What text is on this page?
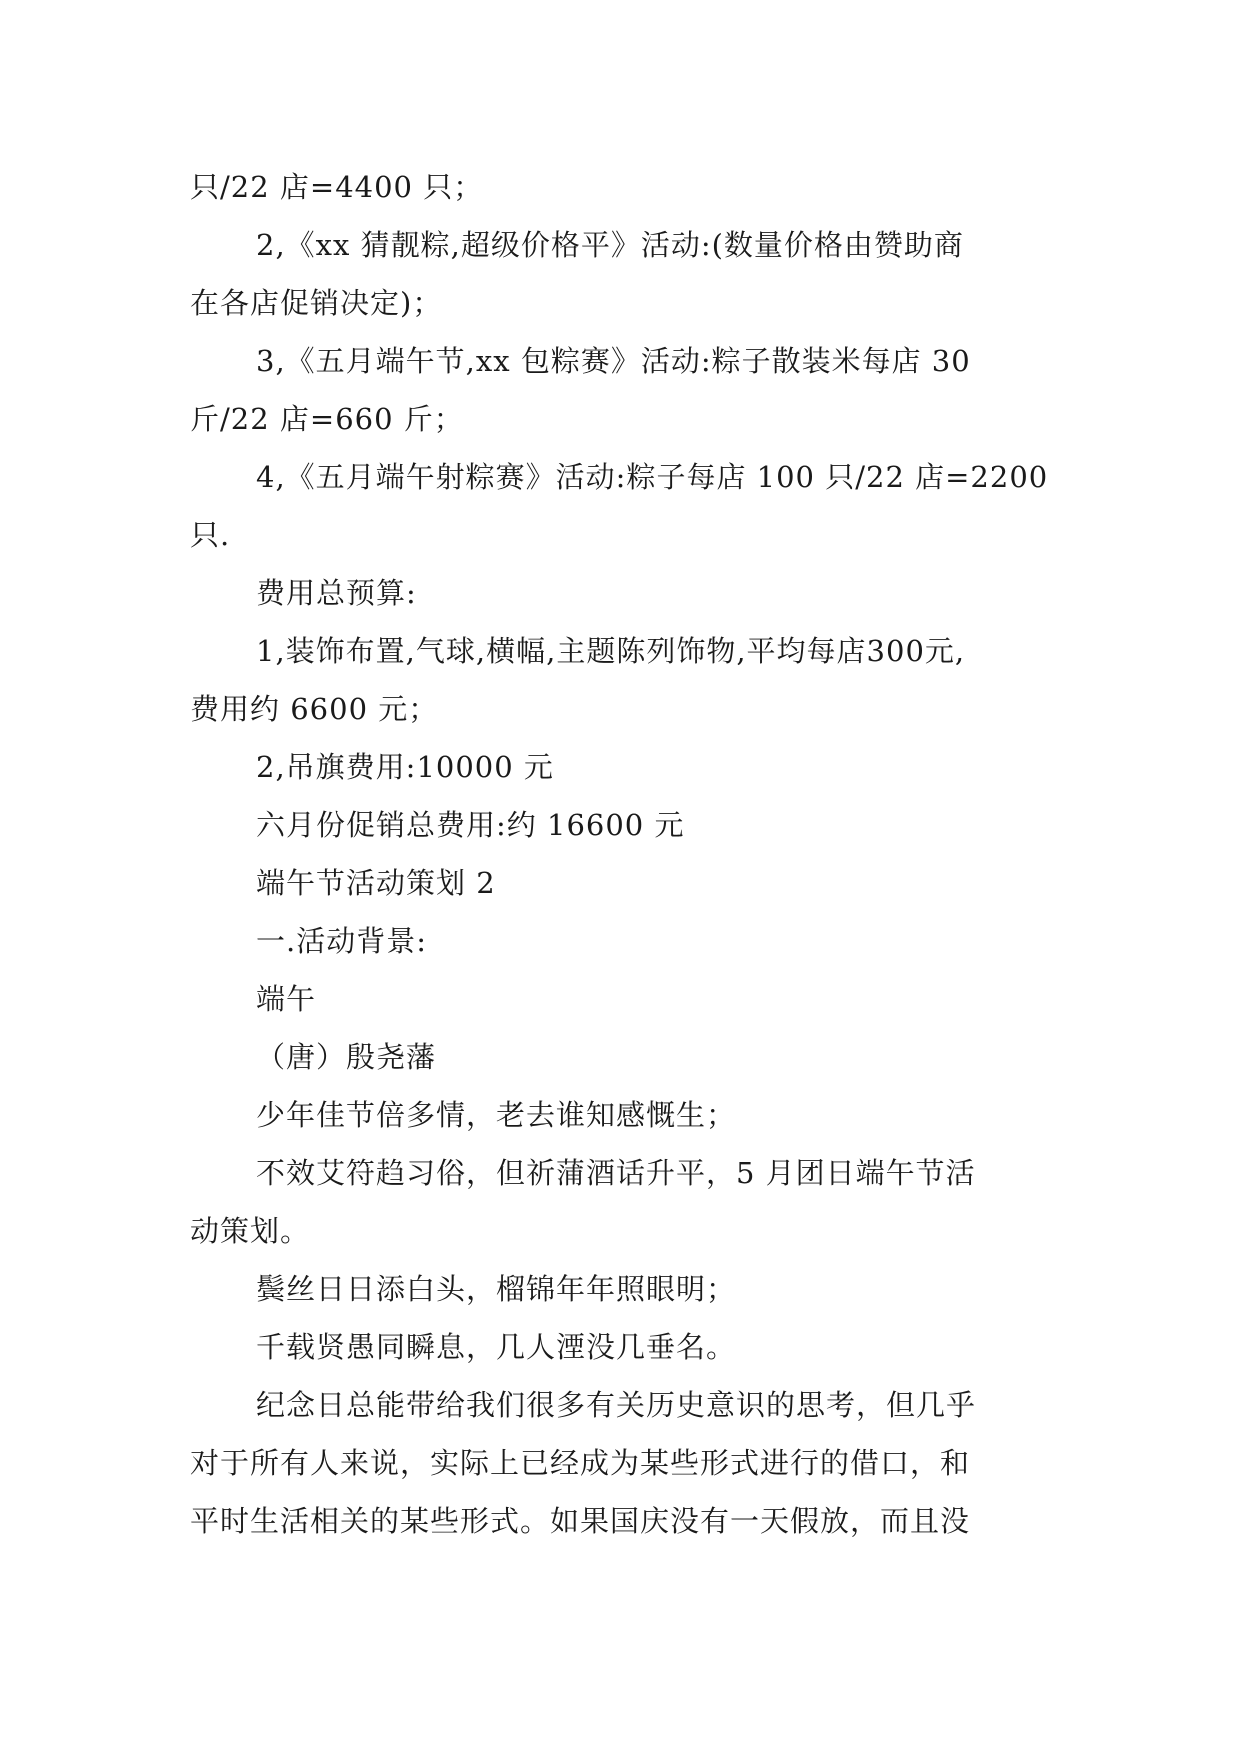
只/22 店=4400 只；
2,《xx 猜靓粽,超级价格平》活动:(数量价格由赞助商
在各店促销决定)；
3,《五月端午节,xx 包粽赛》活动:粽子散装米每店 30
斤/22 店=660 斤；
4,《五月端午射粽赛》活动:粽子每店 100 只/22 店=2200
只.
费用总预算:
1,装饰布置,气球,横幅,主题陈列饰物,平均每店300元,
费用约 6600 元；
2,吊旗费用:10000 元
六月份促销总费用:约 16600 元
端午节活动策划 2
一.活动背景:
端午
（唐）殷尧藩
少年佳节倍多情，老去谁知感慨生；
不效艾符趋习俗，但祈蒲酒话升平，5 月团日端午节活
动策划。
鬓丝日日添白头，榴锦年年照眼明；
千载贤愚同瞬息，几人湮没几垂名。
纪念日总能带给我们很多有关历史意识的思考，但几乎
对于所有人来说，实际上已经成为某些形式进行的借口，和
平时生活相关的某些形式。如果国庆没有一天假放，而且没
